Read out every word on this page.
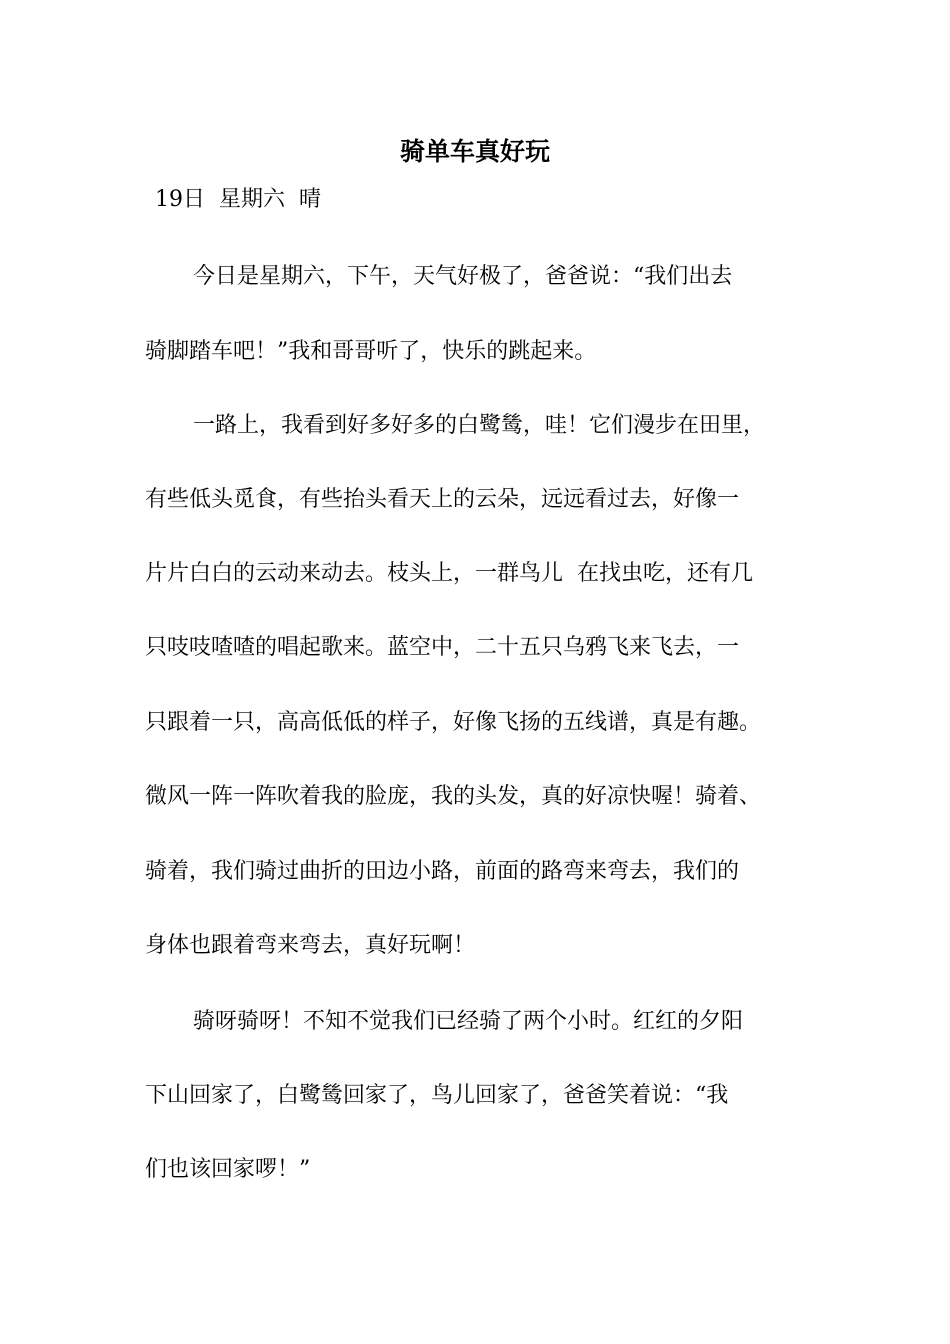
骑单车真好玩
19日  星期六  晴
今日是星期六，下午，天气好极了，爸爸说：“我们出去
骑脚踏车吧！”我和哥哥听了，快乐的跳起来。
一路上，我看到好多好多的白鹭鸶，哇！它们漫步在田里，
有些低头觅食，有些抬头看天上的云朵，远远看过去，好像一
片片白白的云动来动去。枝头上，一群鸟儿  在找虫吃，还有几
只吱吱喳喳的唱起歌来。蓝空中，二十五只乌鸦飞来飞去，一
只跟着一只，高高低低的样子，好像飞扬的五线谱，真是有趣。
微风一阵一阵吹着我的脸庞，我的头发，真的好凉快喔！骑着、
骑着，我们骑过曲折的田边小路，前面的路弯来弯去，我们的
身体也跟着弯来弯去，真好玩啊！
骑呀骑呀！不知不觉我们已经骑了两个小时。红红的夕阳
下山回家了，白鹭鸶回家了，鸟儿回家了，爸爸笑着说：“我
们也该回家啰！”
